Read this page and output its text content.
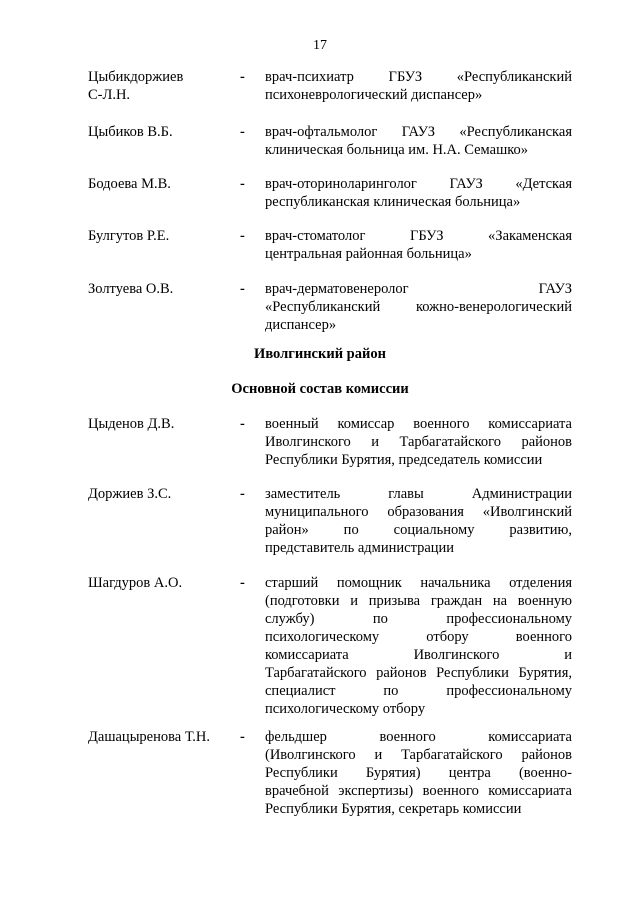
17
Цыбикдоржиев
С-Л.Н.
- врач-психиатр ГБУЗ «Республиканский
психоневрологический диспансер»
Цыбиков В.Б.	- врач-офтальмолог ГАУЗ «Республиканская
клиническая больница им. Н.А. Семашко»
Бодоева М.В.	- врач-оториноларинголог ГАУЗ «Детская
республиканская клиническая больница»
Булгутов Р.Е.	- врач-стоматолог ГБУЗ «Закаменская
центральная районная больница»
Золтуева О.В.	- врач-дерматовенеролог ГАУЗ
«Республиканский кожно-венерологический
диспансер»
Иволгинский район
Основной состав комиссии
Цыденов Д.В.	- военный комиссар военного комиссариата
Иволгинского и Тарбагатайского районов
Республики Бурятия, председатель комиссии
Доржиев З.С.	- заместитель главы Администрации
муниципального образования «Иволгинский
район» по социальному развитию,
представитель администрации
Шагдуров А.О.	- старший помощник начальника отделения
(подготовки и призыва граждан на военную
службу) по профессиональному
психологическому отбору военного
комиссариата Иволгинского и
Тарбагатайского районов Республики Бурятия,
специалист по профессиональному
психологическому отбору
Дашацыренова Т.Н.	- фельдшер военного комиссариата
(Иволгинского и Тарбагатайского районов
Республики Бурятия) центра (военно-
врачебной экспертизы) военного комиссариата
Республики Бурятия, секретарь комиссии
